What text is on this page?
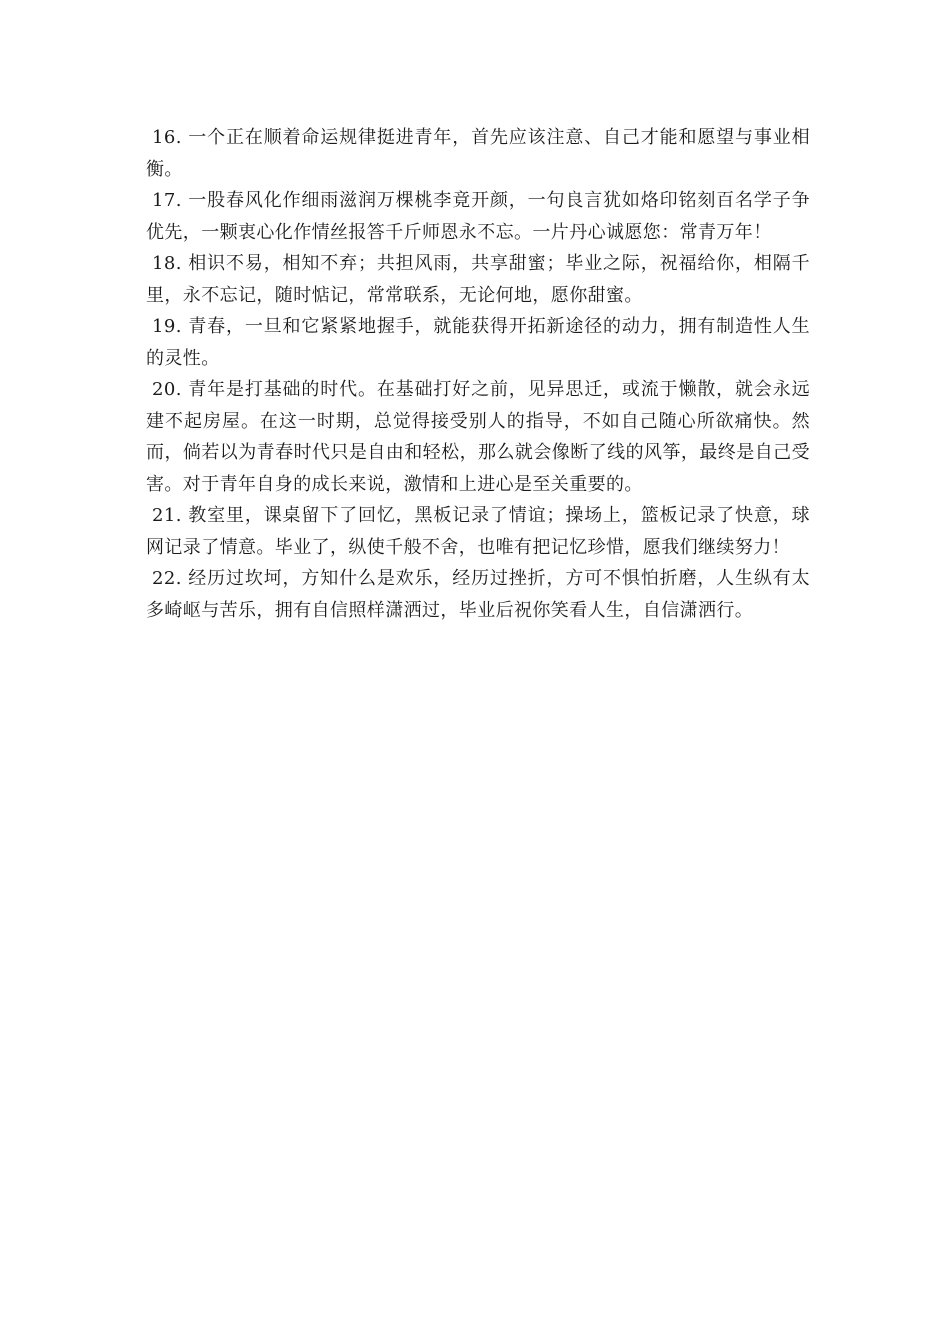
16. 一个正在顺着命运规律挺进青年，首先应该注意、自己才能和愿望与事业相衡。

17. 一股春风化作细雨滋润万棵桃李竟开颜，一句良言犹如烙印铭刻百名学子争优先，一颗衷心化作情丝报答千斤师恩永不忘。一片丹心诚愿您：常青万年！

18. 相识不易，相知不弃；共担风雨，共享甜蜜；毕业之际，祝福给你，相隔千里，永不忘记，随时惦记，常常联系，无论何地，愿你甜蜜。

19. 青春，一旦和它紧紧地握手，就能获得开拓新途径的动力，拥有制造性人生的灵性。

20. 青年是打基础的时代。在基础打好之前，见异思迁，或流于懒散，就会永远建不起房屋。在这一时期，总觉得接受别人的指导，不如自己随心所欲痛快。然而，倘若以为青春时代只是自由和轻松，那么就会像断了线的风筝，最终是自己受害。对于青年自身的成长来说，激情和上进心是至关重要的。

21. 教室里，课桌留下了回忆，黑板记录了情谊；操场上，篮板记录了快意，球网记录了情意。毕业了，纵使千般不舍，也唯有把记忆珍惜，愿我们继续努力！

22. 经历过坎坷，方知什么是欢乐，经历过挫折，方可不惧怕折磨，人生纵有太多崎岖与苦乐，拥有自信照样潇洒过，毕业后祝你笑看人生，自信潇洒行。
